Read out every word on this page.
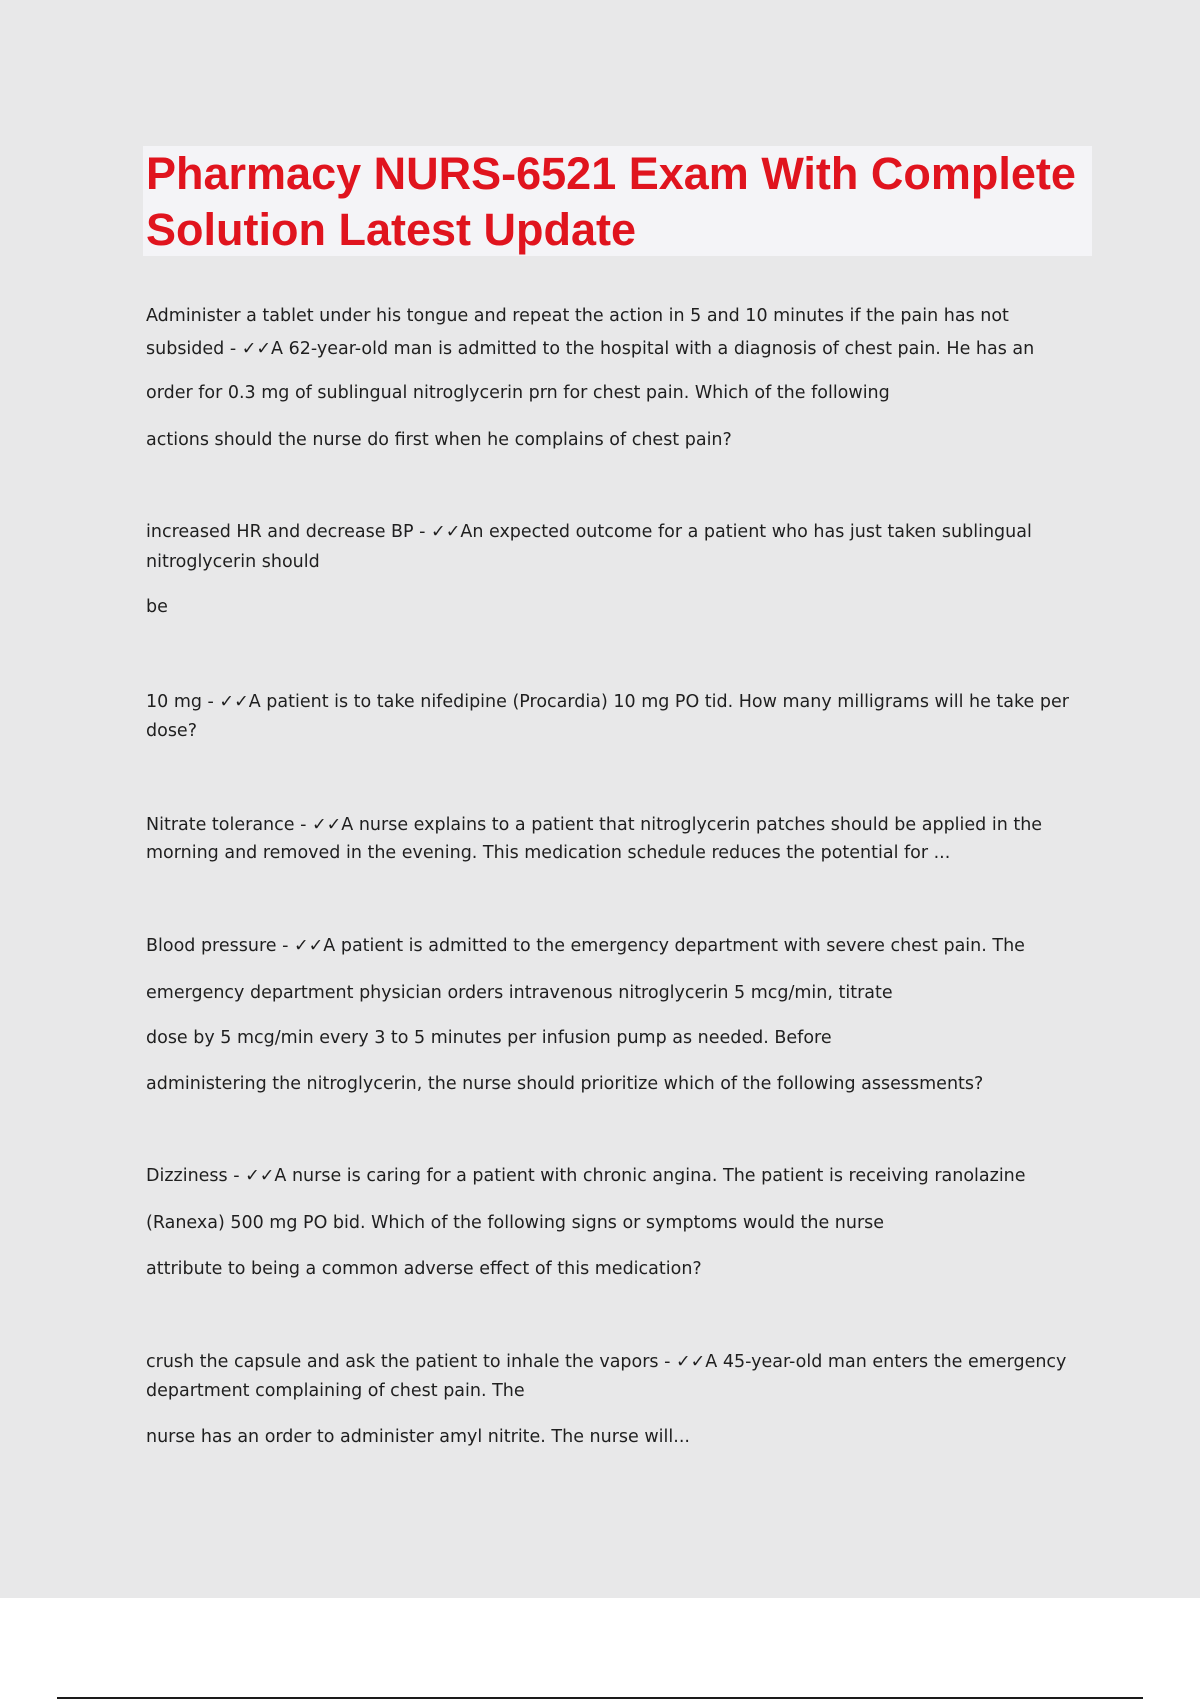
Pharmacy NURS-6521 Exam With Complete Solution Latest Update

Administer a tablet under his tongue and repeat the action in 5 and 10 minutes if the pain has not

subsided - ✓✓A 62-year-old man is admitted to the hospital with a diagnosis of chest pain. He has an

order for 0.3 mg of sublingual nitroglycerin prn for chest pain. Which of the following

actions should the nurse do first when he complains of chest pain?

increased HR and decrease BP - ✓✓An expected outcome for a patient who has just taken sublingual

nitroglycerin should

be

10 mg - ✓✓A patient is to take nifedipine (Procardia) 10 mg PO tid. How many milligrams will he take per

dose?

Nitrate tolerance - ✓✓A nurse explains to a patient that nitroglycerin patches should be applied in the

morning and removed in the evening. This medication schedule reduces the potential for ...

Blood pressure - ✓✓A patient is admitted to the emergency department with severe chest pain. The

emergency department physician orders intravenous nitroglycerin 5 mcg/min, titrate

dose by 5 mcg/min every 3 to 5 minutes per infusion pump as needed. Before

administering the nitroglycerin, the nurse should prioritize which of the following assessments?

Dizziness - ✓✓A nurse is caring for a patient with chronic angina. The patient is receiving ranolazine

(Ranexa) 500 mg PO bid. Which of the following signs or symptoms would the nurse

attribute to being a common adverse effect of this medication?

crush the capsule and ask the patient to inhale the vapors - ✓✓A 45-year-old man enters the emergency

department complaining of chest pain. The

nurse has an order to administer amyl nitrite. The nurse will...
